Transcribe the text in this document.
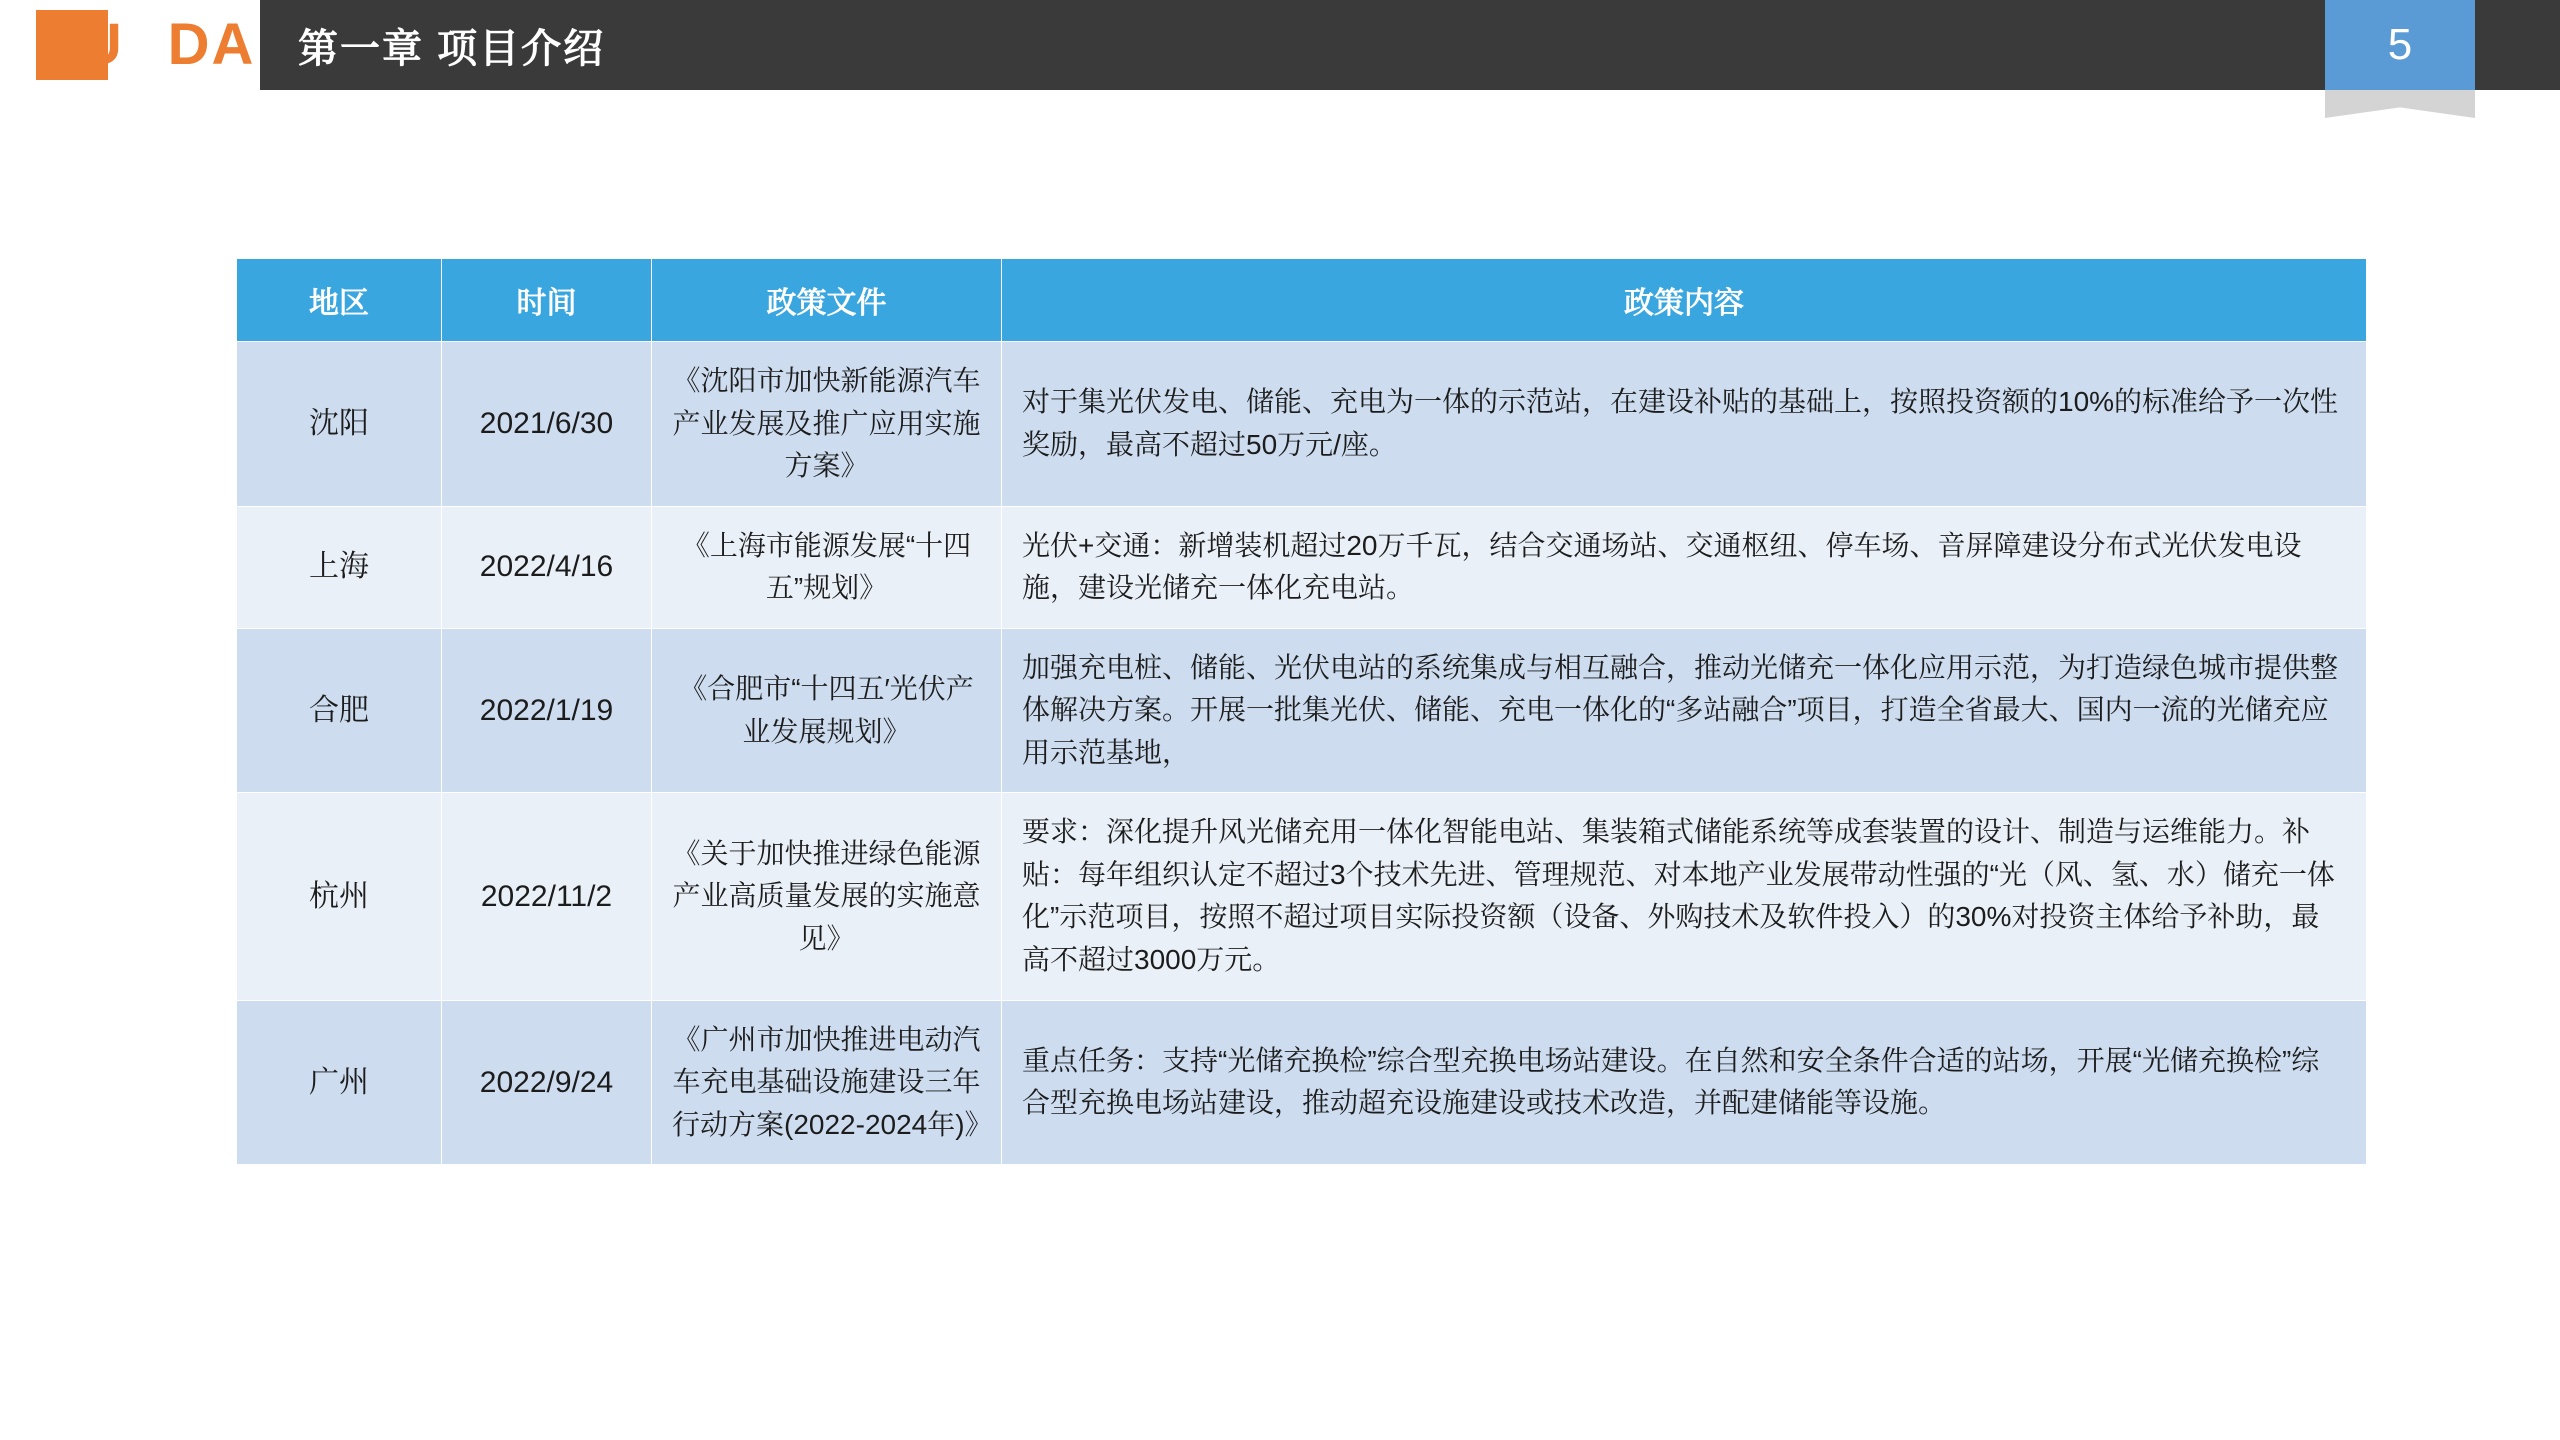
RUNDA 第一章 项目介绍	5
地区	时间	政策文件	政策内容
沈阳	2021/6/30	《沈阳市加快新能源汽车产业发展及推广应用实施方案》	对于集光伏发电、储能、充电为一体的示范站，在建设补贴的基础上，按照投资额的10%的标准给予一次性奖励，最高不超过50万元/座。
上海	2022/4/16	《上海市能源发展“十四五”规划》	光伏+交通：新增装机超过20万千瓦，结合交通场站、交通枢纽、停车场、音屏障建设分布式光伏发电设施，建设光储充一体化充电站。
合肥	2022/1/19	《合肥市“十四五′光伏产业发展规划》	加强充电桩、储能、光伏电站的系统集成与相互融合，推动光储充一体化应用示范，为打造绿色城市提供整体解决方案。开展一批集光伏、储能、充电一体化的“多站融合”项目，打造全省最大、国内一流的光储充应用示范基地，
杭州	2022/11/2	《关于加快推进绿色能源产业高质量发展的实施意见》	要求：深化提升风光储充用一体化智能电站、集装箱式储能系统等成套装置的设计、制造与运维能力。补贴：每年组织认定不超过3个技术先进、管理规范、对本地产业发展带动性强的“光（风、氢、水）储充一体化”示范项目，按照不超过项目实际投资额（设备、外购技术及软件投入）的30%对投资主体给予补助，最高不超过3000万元。
广州	2022/9/24	《广州市加快推进电动汽车充电基础设施建设三年行动方案(2022-2024年)》	重点任务：支持“光储充换检”综合型充换电场站建设。在自然和安全条件合适的站场，开展“光储充换检”综合型充换电场站建设，推动超充设施建设或技术改造，并配建储能等设施。
